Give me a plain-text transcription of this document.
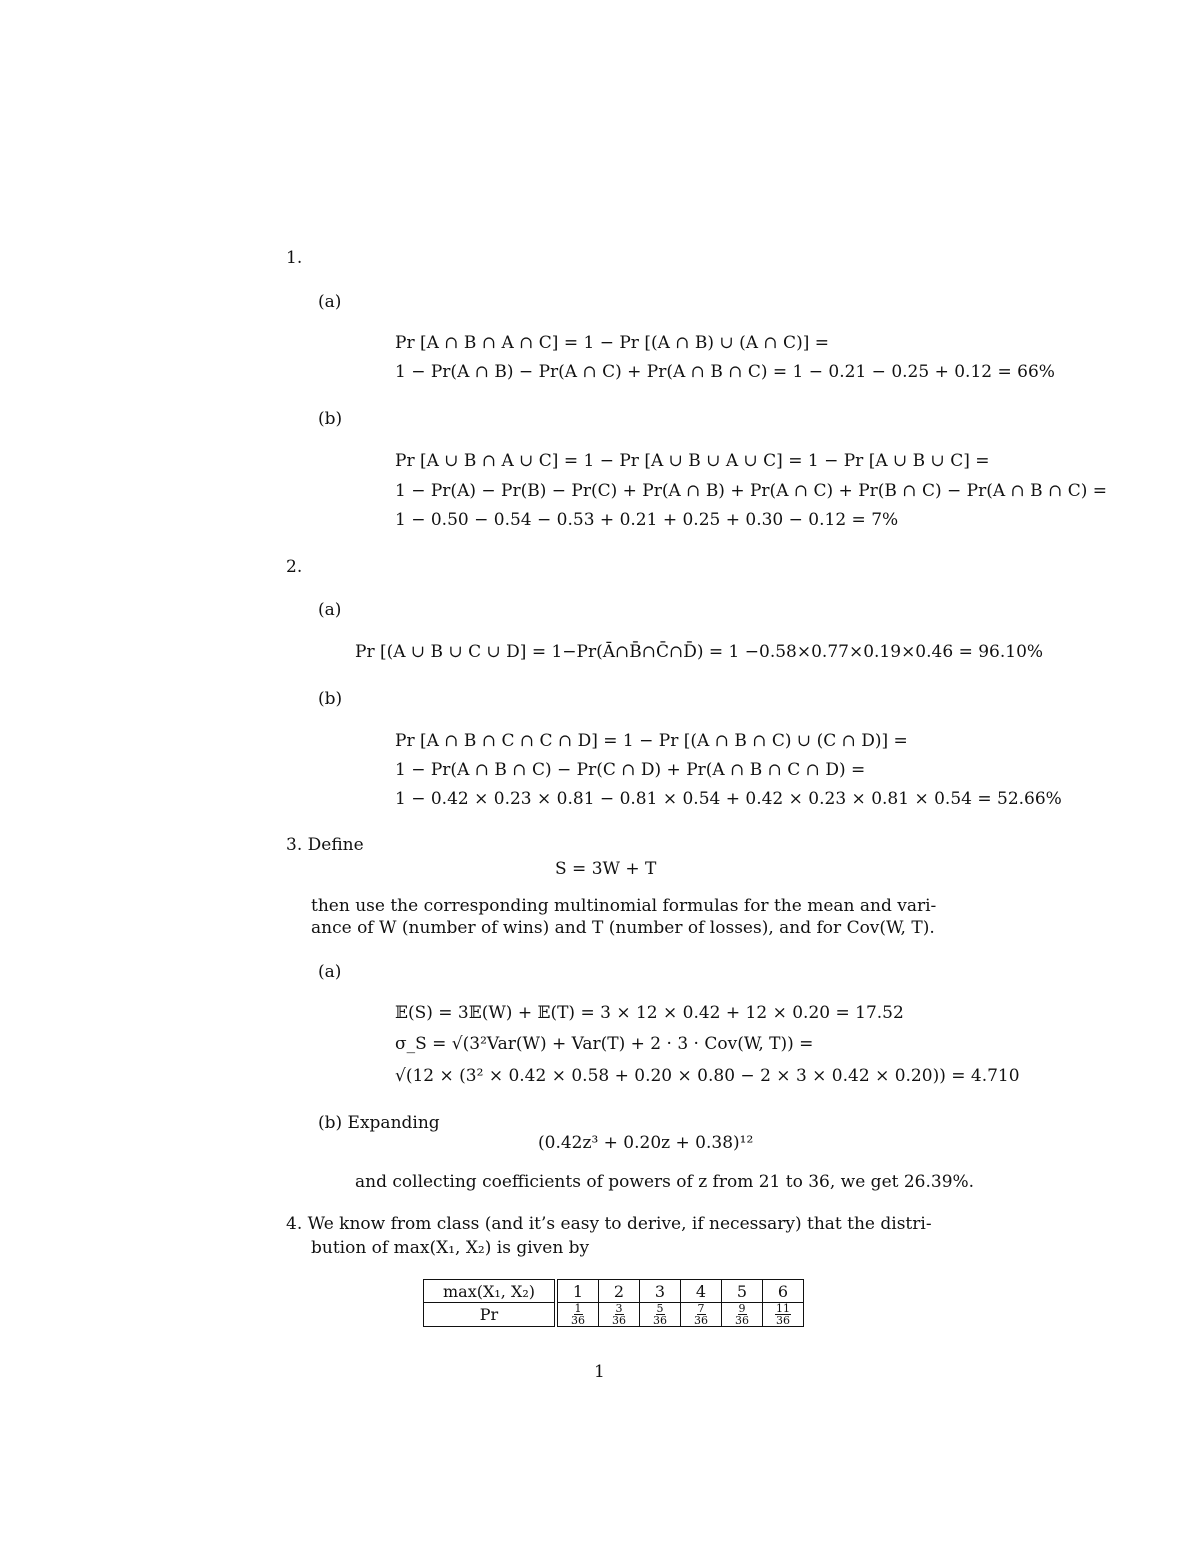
1.
(a)
Pr [A ∩ B ∩ A ∩ C] = 1 − Pr [(A ∩ B) ∪ (A ∩ C)] =
1 − Pr(A ∩ B) − Pr(A ∩ C) + Pr(A ∩ B ∩ C) = 1 − 0.21 − 0.25 + 0.12 = 66%
(b)
Pr [A ∪ B ∩ A ∪ C] = 1 − Pr [A ∪ B ∪ A ∪ C] = 1 − Pr [A ∪ B ∪ C] =
1 − Pr(A) − Pr(B) − Pr(C) + Pr(A ∩ B) + Pr(A ∩ C) + Pr(B ∩ C) − Pr(A ∩ B ∩ C) =
1 − 0.50 − 0.54 − 0.53 + 0.21 + 0.25 + 0.30 − 0.12 = 7%
2.
(a)
Pr [(A ∪ B ∪ C ∪ D] = 1−Pr(Ā∩B̄∩C̄∩D̄) = 1 −0.58×0.77×0.19×0.46 = 96.10%
(b)
Pr [A ∩ B ∩ C ∩ C ∩ D] = 1 − Pr [(A ∩ B ∩ C) ∪ (C ∩ D)] =
1 − Pr(A ∩ B ∩ C) − Pr(C ∩ D) + Pr(A ∩ B ∩ C ∩ D) =
1 − 0.42 × 0.23 × 0.81 − 0.81 × 0.54 + 0.42 × 0.23 × 0.81 × 0.54 = 52.66%
3. Define
S = 3W + T
then use the corresponding multinomial formulas for the mean and vari-
ance of W (number of wins) and T (number of losses), and for Cov(W, T).
(a)
𝔼(S) = 3𝔼(W) + 𝔼(T) = 3 × 12 × 0.42 + 12 × 0.20 = 17.52
σ_S = √(3²Var(W) + Var(T) + 2 · 3 · Cov(W, T)) =
√(12 × (3² × 0.42 × 0.58 + 0.20 × 0.80 − 2 × 3 × 0.42 × 0.20)) = 4.710
(b) Expanding
(0.42z³ + 0.20z + 0.38)¹²
and collecting coefficients of powers of z from 21 to 36, we get 26.39%.
4. We know from class (and it’s easy to derive, if necessary) that the distri-
bution of max(X₁, X₂) is given by
max(X₁, X₂)	1	2	3	4	5	6
Pr	$\frac{1}{36}$	$\frac{3}{36}$	$\frac{5}{36}$	$\frac{7}{36}$	$\frac{9}{36}$	$\frac{11}{36}$
1
